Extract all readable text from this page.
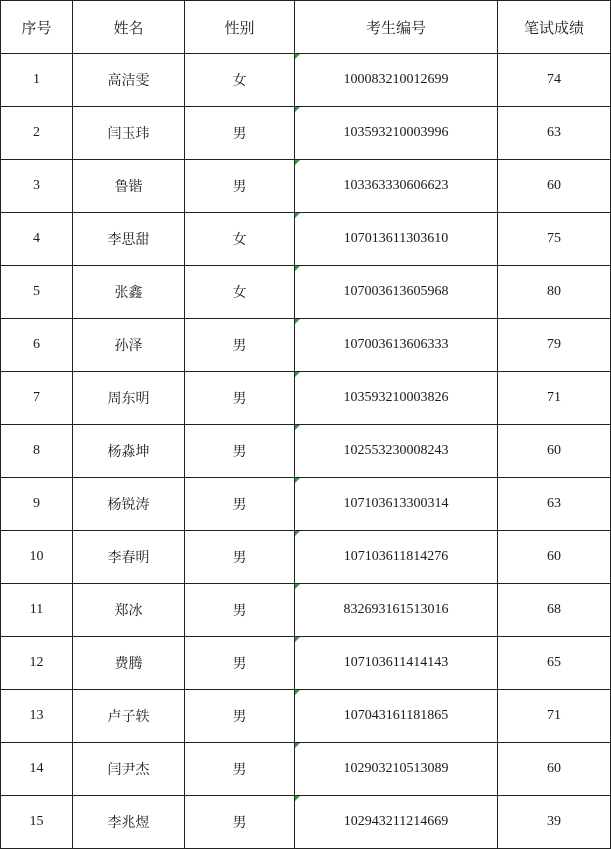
序号	姓名	性别	考生编号	笔试成绩
1	高洁雯	女	100083210012699	74
2	闫玉玮	男	103593210003996	63
3	鲁锴	男	103363330606623	60
4	李思甜	女	107013611303610	75
5	张鑫	女	107003613605968	80
6	孙泽	男	107003613606333	79
7	周东明	男	103593210003826	71
8	杨淼坤	男	102553230008243	60
9	杨锐涛	男	107103613300314	63
10	李春明	男	107103611814276	60
11	郑冰	男	832693161513016	68
12	费腾	男	107103611414143	65
13	卢子轶	男	107043161181865	71
14	闫尹杰	男	102903210513089	60
15	李兆煜	男	102943211214669	39
